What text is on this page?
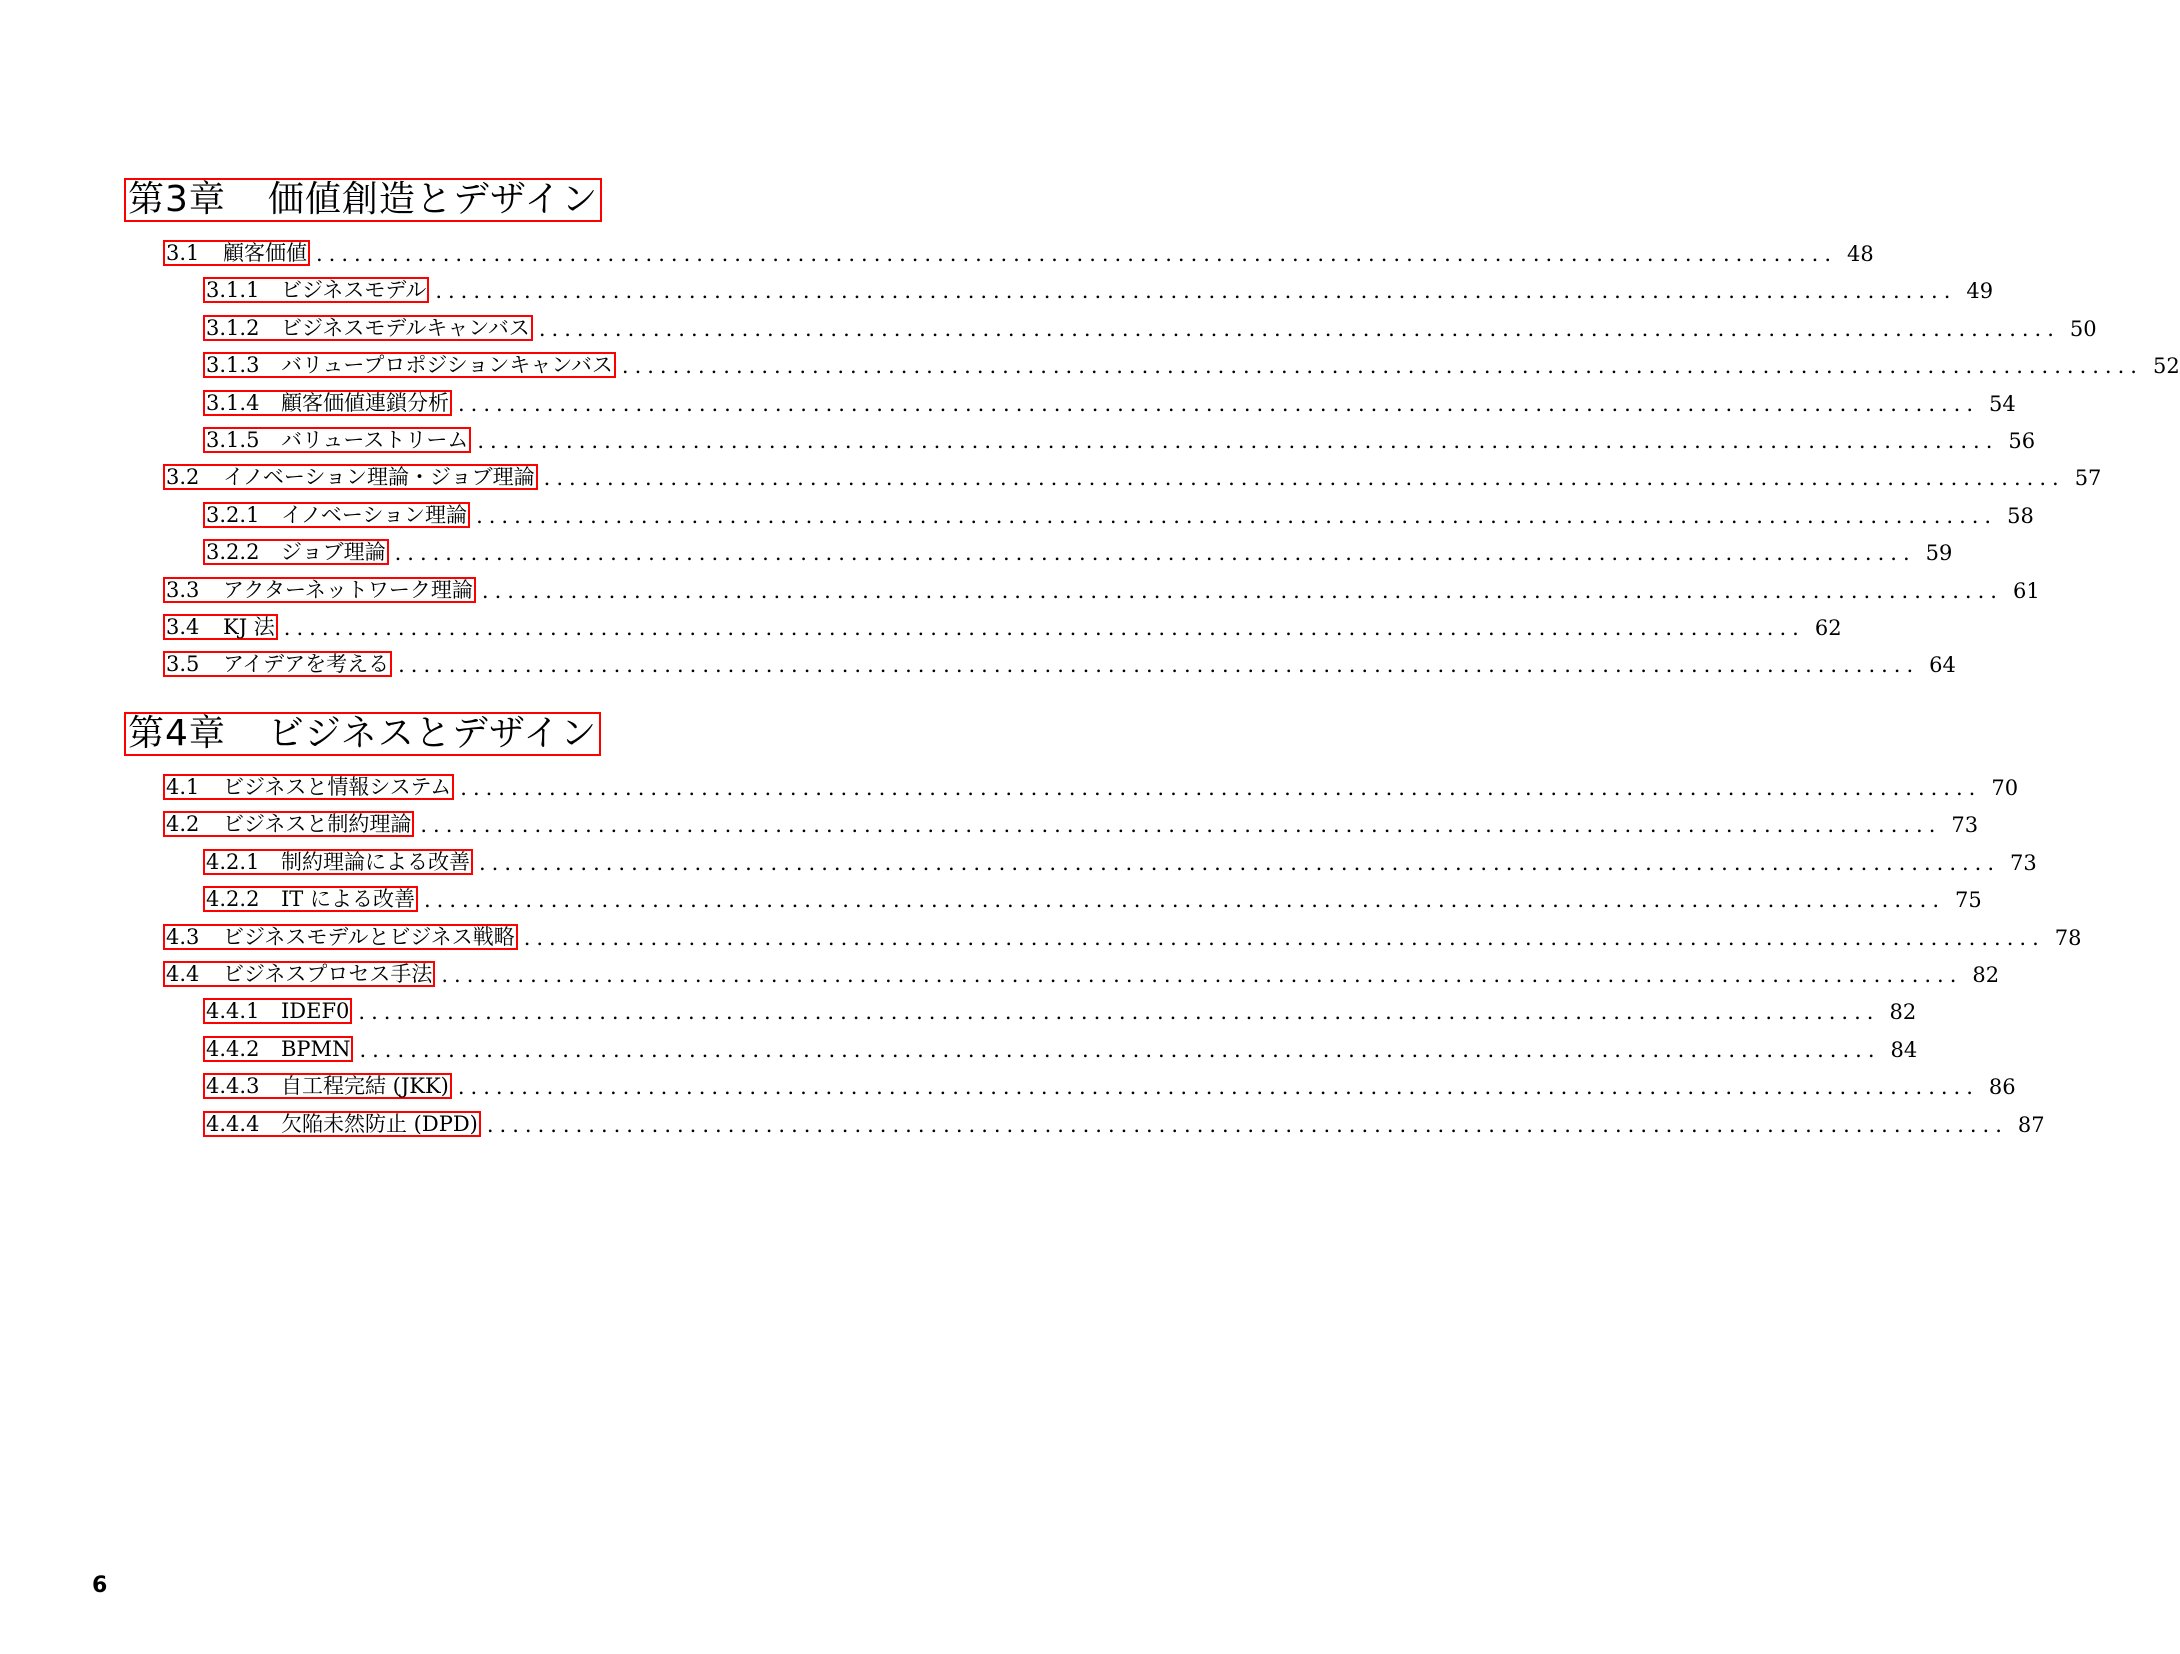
第3章 価値創造とデザイン
3.1 顧客価値 ........................................................................................................................ 48
3.1.1 ビジネスモデル ........................................................................................................................ 49
3.1.2 ビジネスモデルキャンバス ........................................................................................................................ 50
3.1.3 バリュープロポジションキャンバス ........................................................................................................................ 52
3.1.4 顧客価値連鎖分析 ........................................................................................................................ 54
3.1.5 バリューストリーム ........................................................................................................................ 56
3.2 イノベーション理論・ジョブ理論 ........................................................................................................................ 57
3.2.1 イノベーション理論 ........................................................................................................................ 58
3.2.2 ジョブ理論 ........................................................................................................................ 59
3.3 アクターネットワーク理論 ........................................................................................................................ 61
3.4 KJ 法 ........................................................................................................................ 62
3.5 アイデアを考える ........................................................................................................................ 64
第4章 ビジネスとデザイン
4.1 ビジネスと情報システム ........................................................................................................................ 70
4.2 ビジネスと制約理論 ........................................................................................................................ 73
4.2.1 制約理論による改善 ........................................................................................................................ 73
4.2.2 IT による改善 ........................................................................................................................ 75
4.3 ビジネスモデルとビジネス戦略 ........................................................................................................................ 78
4.4 ビジネスプロセス手法 ........................................................................................................................ 82
4.4.1 IDEF0 ........................................................................................................................ 82
4.4.2 BPMN ........................................................................................................................ 84
4.4.3 自工程完結 (JKK) ........................................................................................................................ 86
4.4.4 欠陥未然防止 (DPD) ........................................................................................................................ 87
6
